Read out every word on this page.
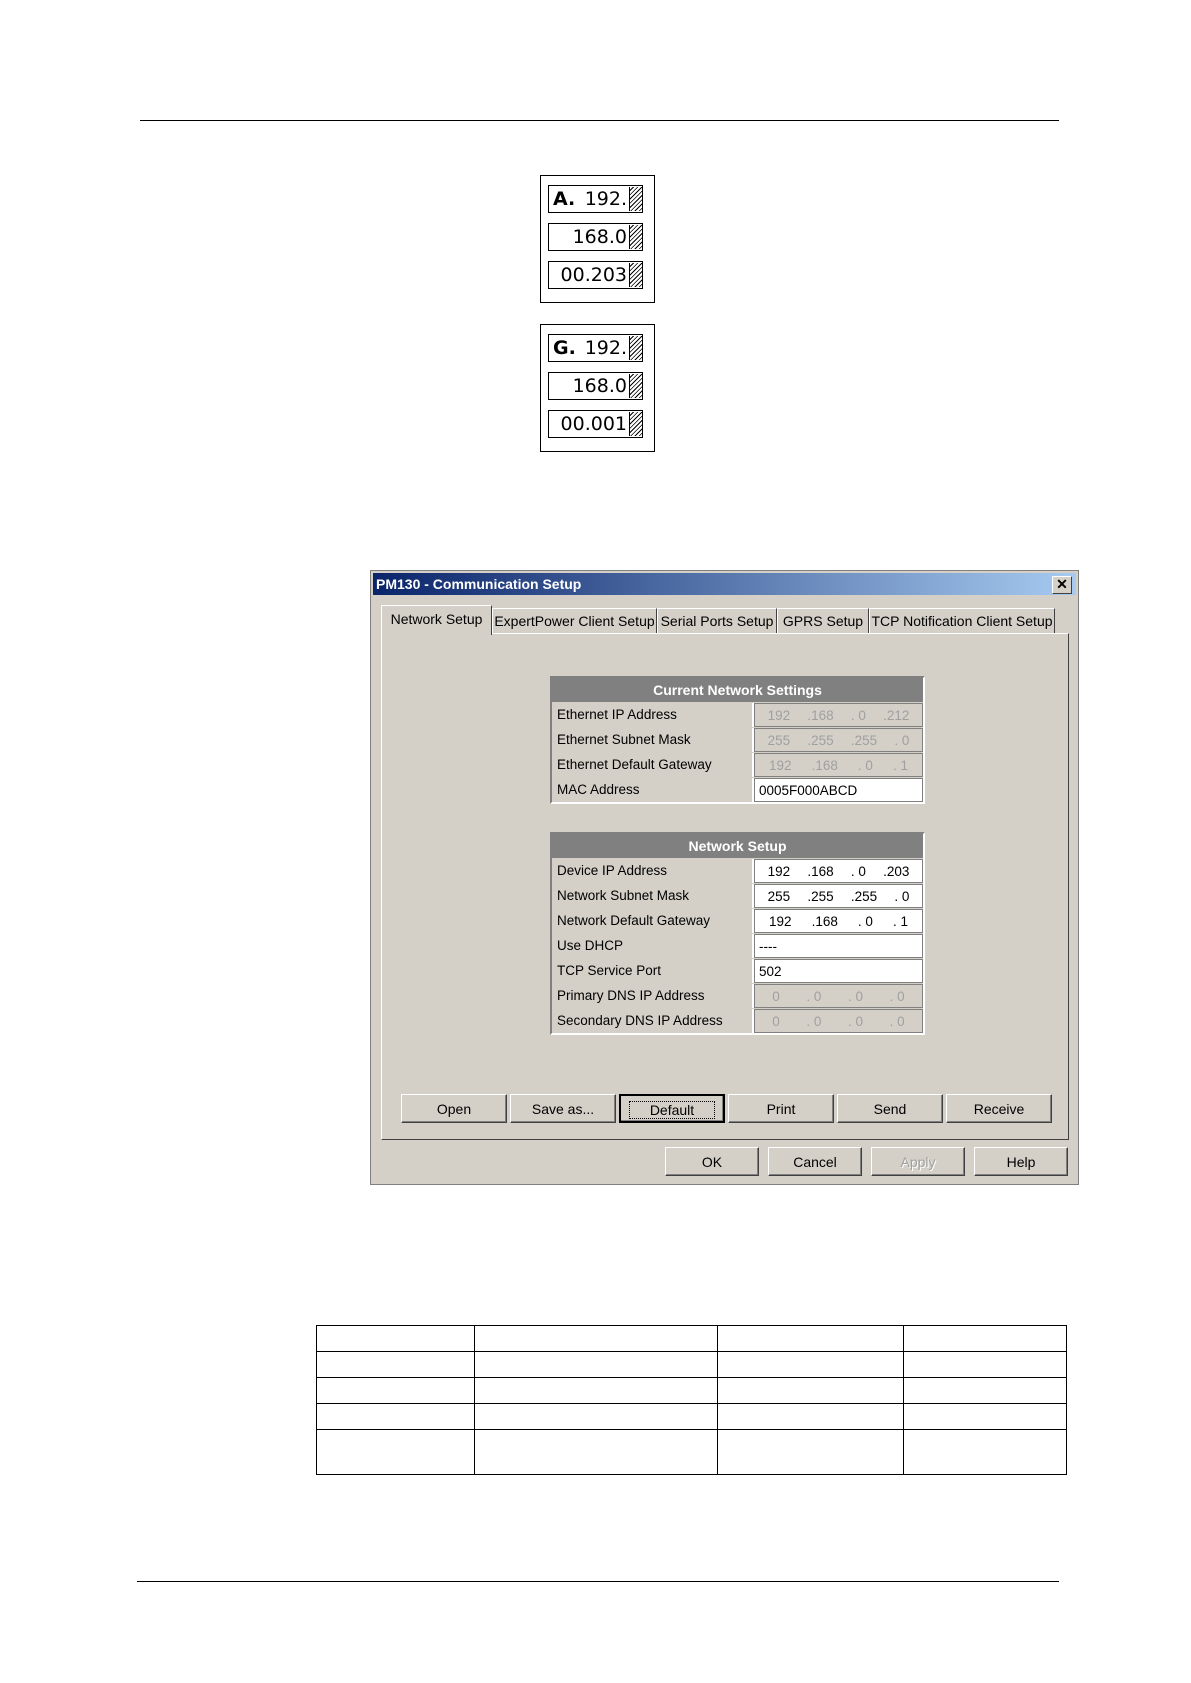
A. 192.
168.0
00.203
G. 192.
168.0
00.001
PM130 - Communication Setup	✕
Network Setup ExpertPower Client Setup Serial Ports Setup GPRS Setup TCP Notification Client Setup
Current Network Settings
Ethernet IP Address	192 .168 . 0 .212
Ethernet Subnet Mask	255 .255 .255 . 0
Ethernet Default Gateway	192 .168 . 0 . 1
MAC Address	0005F000ABCD
Network Setup
Device IP Address	192 .168 . 0 .203
Network Subnet Mask	255 .255 .255 . 0
Network Default Gateway	192 .168 . 0 . 1
Use DHCP	----
TCP Service Port	502
Primary DNS IP Address	0 . 0 . 0 . 0
Secondary DNS IP Address	0 . 0 . 0 . 0
Open	Save as...	Default	Print	Send	Receive
OK	Cancel	Apply	Help
